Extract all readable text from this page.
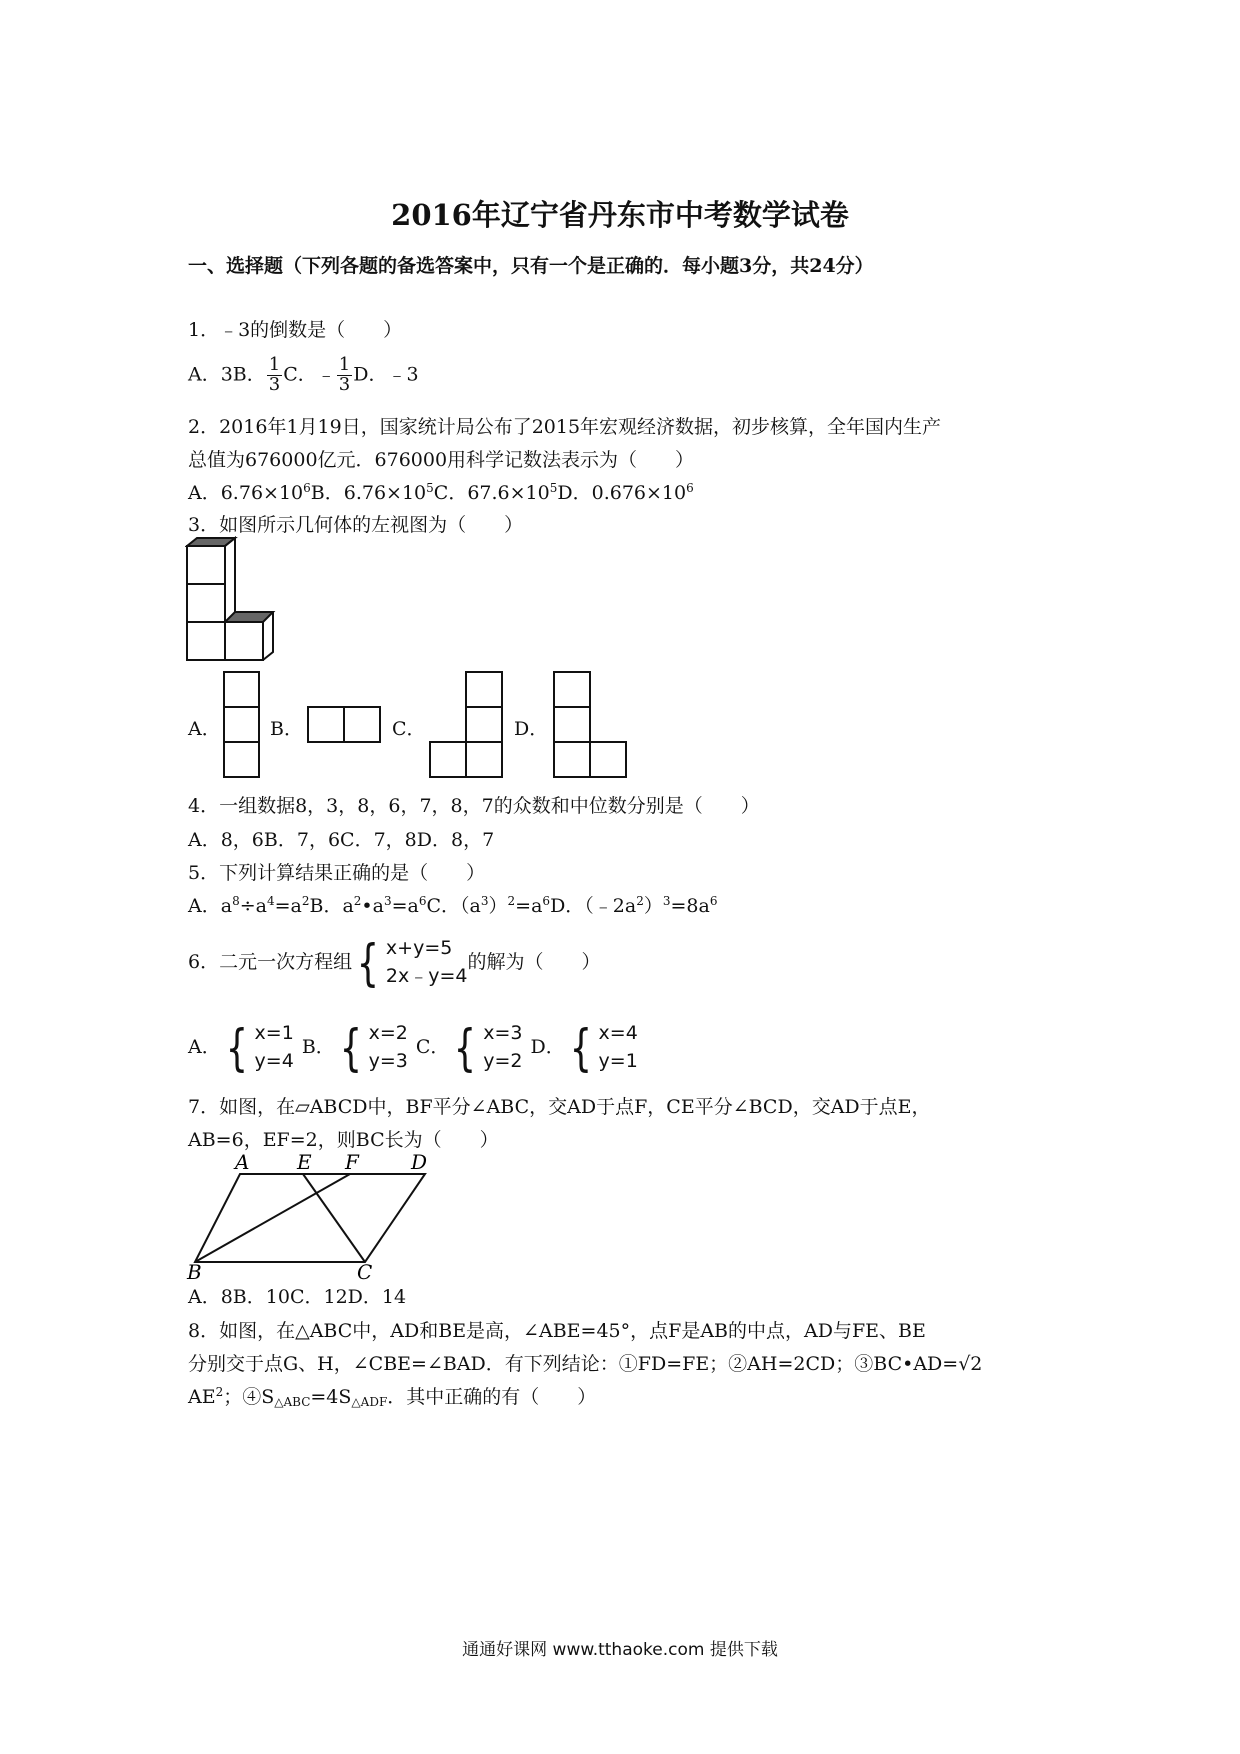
2016年辽宁省丹东市中考数学试卷
一、选择题（下列各题的备选答案中，只有一个是正确的．每小题3分，共24分）
1．﹣3的倒数是（　　）
A．3B． $\frac{1}{3}$ C．﹣ $\frac{1}{3}$ D．﹣3
2．2016年1月19日，国家统计局公布了2015年宏观经济数据，初步核算，全年国内生产
总值为676000亿元．676000用科学记数法表示为（　　）
A．$6.76\times 10^6B$．$6.76\times 10^5C$．$67.6\times 10^5D$．$0.676\times 10^6$
3．如图所示几何体的左视图为（　　）
A．	B．	C．	D．
4．一组数据8，3，8，6，7，8，7的众数和中位数分别是（　　）
A．8，6B．7，6C．7，8D．8，7
5．下列计算结果正确的是（　　）
A．$a^8\div a^4=a^2B$．$a^2•a^3=a^6C$．$(a^3)^2=a^6D$．$(﹣2a^2)^3=8a^6$
6．二元一次方程组 { x+y=5
2x﹣y=4
的解为（　　）
A． { x=1
y=4
B． { x=2
y=3
C． { x=3
y=2
D． { x=4
y=1
7．如图，在▱ABCD中，BF平分∠ABC，交AD于点F，CE平分∠BCD，交AD于点E，
AB=6，EF=2，则BC长为（　　）
A E F	D
B	C
A．8B．10C．12D．14
8．如图，在△ABC中，AD和BE是高，∠ABE=45°，点F是AB的中点，AD与FE、BE
分别交于点G、H，∠CBE=∠BAD．有下列结论：①FD=FE；②AH=2CD；③BC•AD=√2
$AE^2$；$④S_{\triangle ABC}=4S_{\triangle ADF}$．其中正确的有（　　）
通通好课网 www.tthaoke.com 提供下载
